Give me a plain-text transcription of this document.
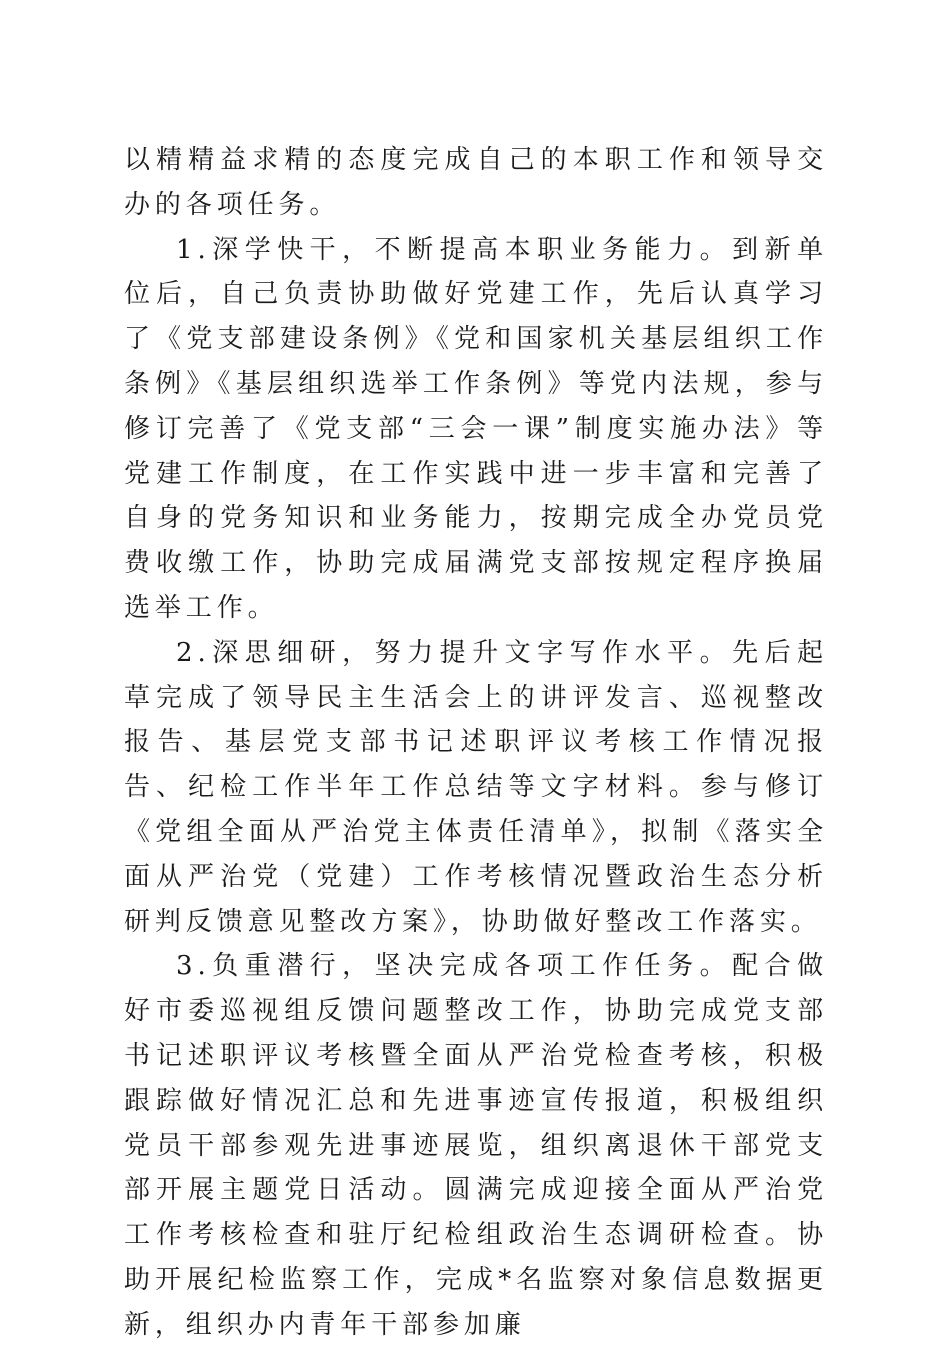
以精精益求精的态度完成自己的本职工作和领导交办的各项任务。

1.深学快干，不断提高本职业务能力。到新单位后，自己负责协助做好党建工作，先后认真学习了《党支部建设条例》《党和国家机关基层组织工作条例》《基层组织选举工作条例》等党内法规，参与修订完善了《党支部“三会一课”制度实施办法》等党建工作制度，在工作实践中进一步丰富和完善了自身的党务知识和业务能力，按期完成全办党员党费收缴工作，协助完成届满党支部按规定程序换届选举工作。

2.深思细研，努力提升文字写作水平。先后起草完成了领导民主生活会上的讲评发言、巡视整改报告、基层党支部书记述职评议考核工作情况报告、纪检工作半年工作总结等文字材料。参与修订《党组全面从严治党主体责任清单》，拟制《落实全面从严治党（党建）工作考核情况暨政治生态分析研判反馈意见整改方案》，协助做好整改工作落实。

3.负重潜行，坚决完成各项工作任务。配合做好市委巡视组反馈问题整改工作，协助完成党支部书记述职评议考核暨全面从严治党检查考核，积极跟踪做好情况汇总和先进事迹宣传报道，积极组织党员干部参观先进事迹展览，组织离退休干部党支部开展主题党日活动。圆满完成迎接全面从严治党工作考核检查和驻厅纪检组政治生态调研检查。协助开展纪检监察工作，完成*名监察对象信息数据更新，组织办内青年干部参加廉
